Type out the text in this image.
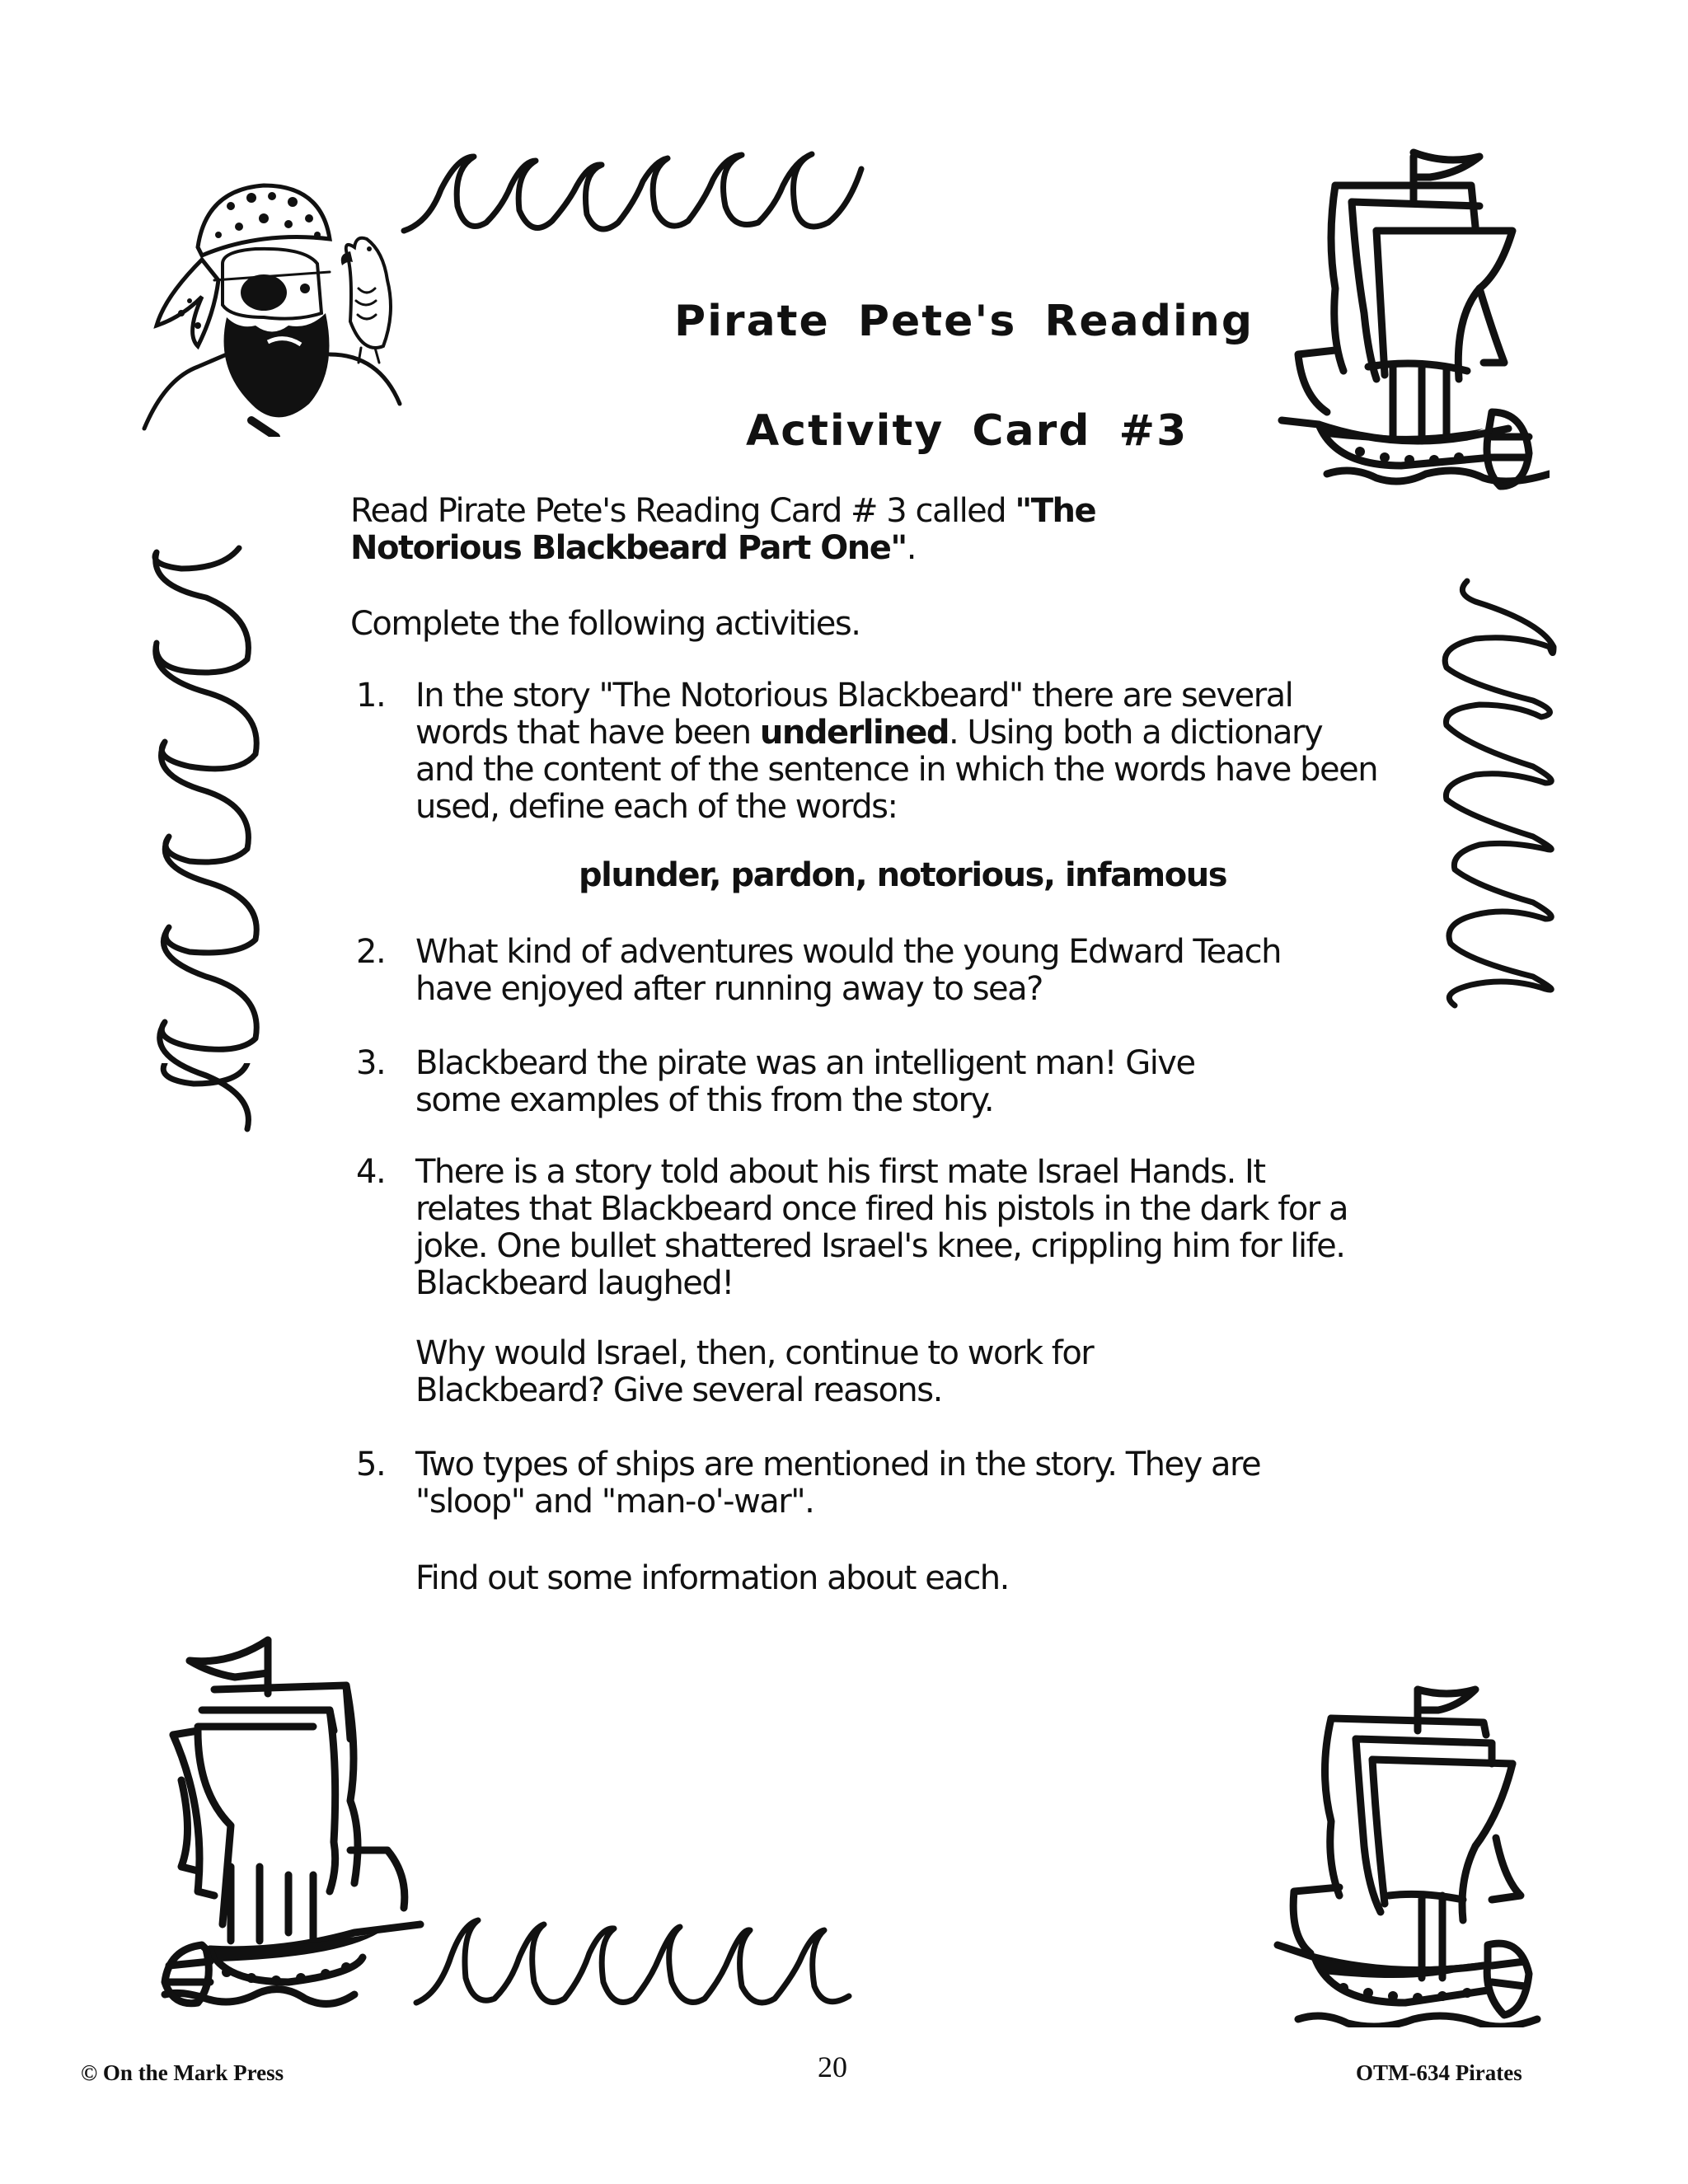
Pirate Pete's Reading
Activity Card #3
Read Pirate Pete's Reading Card # 3 called "The Notorious Blackbeard Part One".
Complete the following activities.
1. In the story "The Notorious Blackbeard" there are several words that have been underlined. Using both a dictionary and the content of the sentence in which the words have been used, define each of the words:
plunder, pardon, notorious, infamous
2. What kind of adventures would the young Edward Teach have enjoyed after running away to sea?
3. Blackbeard the pirate was an intelligent man! Give some examples of this from the story.
4. There is a story told about his first mate Israel Hands. It relates that Blackbeard once fired his pistols in the dark for a joke. One bullet shattered Israel's knee, crippling him for life. Blackbeard laughed!
Why would Israel, then, continue to work for Blackbeard? Give several reasons.
5. Two types of ships are mentioned in the story. They are "sloop" and "man-o'-war".
Find out some information about each.
© On the Mark Press	20	OTM-634 Pirates
